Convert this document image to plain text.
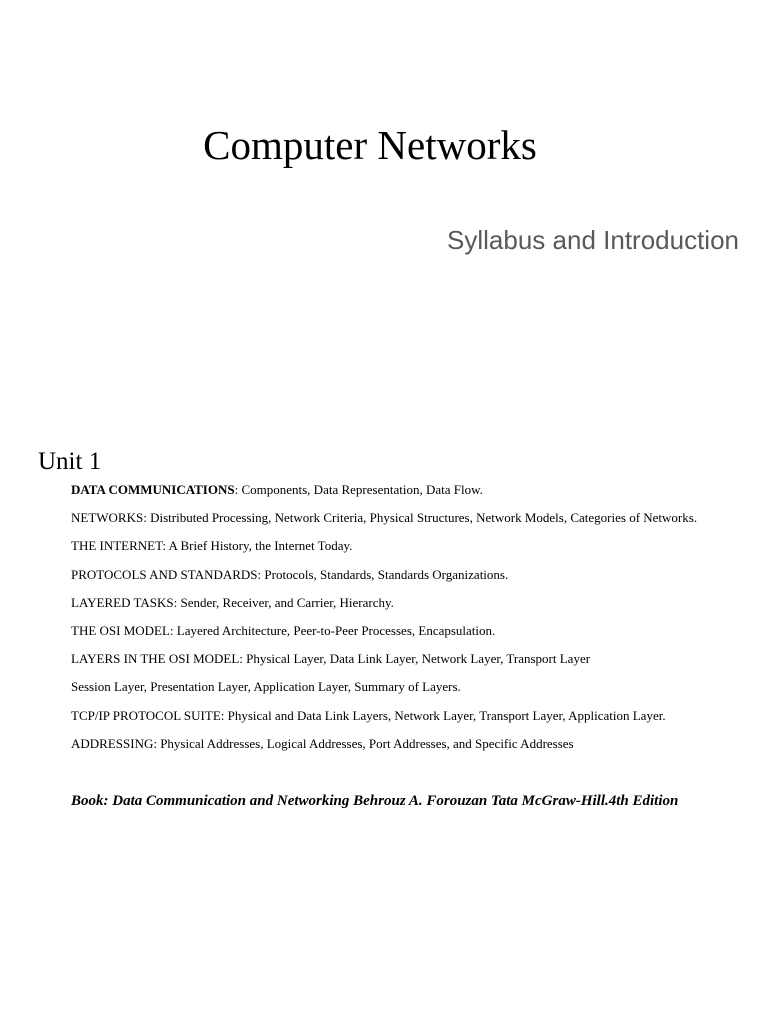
Computer Networks
Syllabus and Introduction
Unit 1
DATA COMMUNICATIONS: Components, Data Representation, Data Flow.
NETWORKS: Distributed Processing, Network Criteria, Physical Structures, Network Models, Categories of Networks.
THE INTERNET: A Brief History, the Internet Today.
PROTOCOLS AND STANDARDS: Protocols, Standards, Standards Organizations.
LAYERED TASKS: Sender, Receiver, and Carrier, Hierarchy.
THE OSI MODEL: Layered Architecture, Peer-to-Peer Processes, Encapsulation.
LAYERS IN THE OSI MODEL: Physical Layer, Data Link Layer, Network Layer, Transport Layer
Session Layer, Presentation Layer, Application Layer, Summary of Layers.
TCP/IP PROTOCOL SUITE: Physical and Data Link Layers, Network Layer, Transport Layer, Application Layer.
ADDRESSING: Physical Addresses, Logical Addresses, Port Addresses, and Specific Addresses

Book: Data Communication and Networking Behrouz A. Forouzan Tata McGraw-Hill.4th Edition
